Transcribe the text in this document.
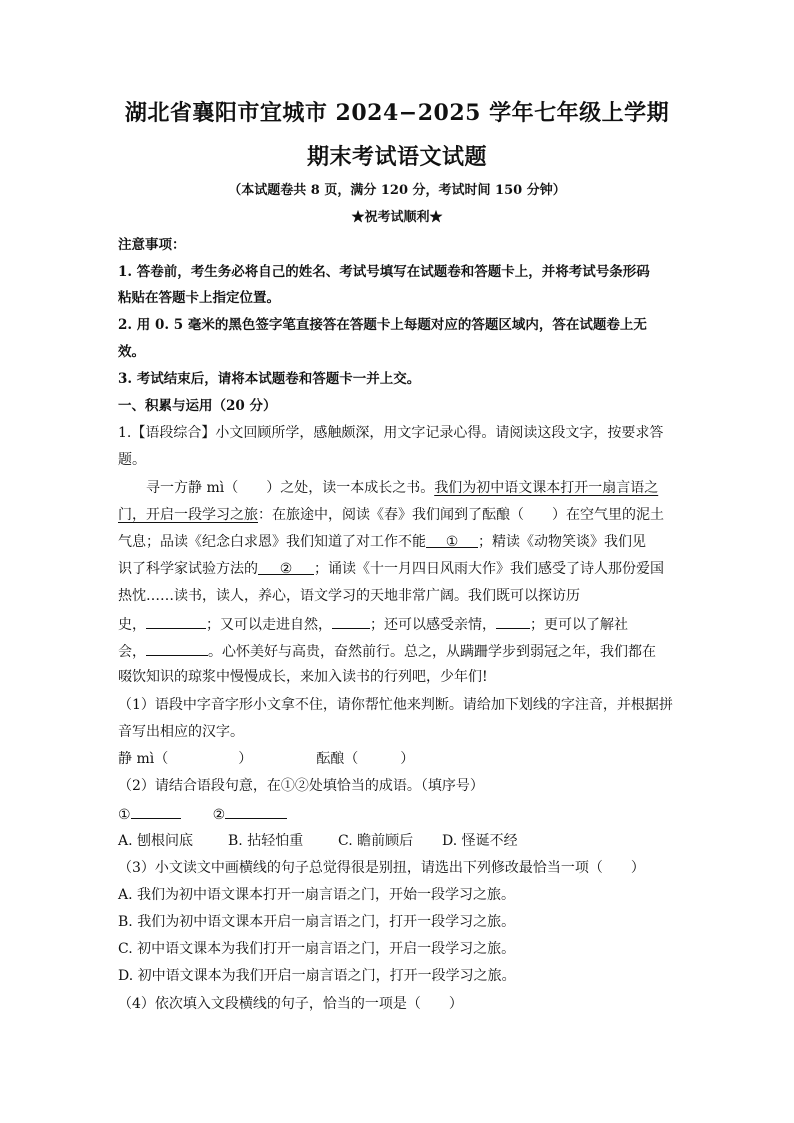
湖北省襄阳市宜城市 2024−2025 学年七年级上学期
期末考试语文试题
（本试题卷共 8 页，满分 120 分，考试时间 150 分钟）
★祝考试顺利★
注意事项：
1. 答卷前，考生务必将自己的姓名、考试号填写在试题卷和答题卡上，并将考试号条形码
粘贴在答题卡上指定位置。
2. 用 0. 5 毫米的黑色签字笔直接答在答题卡上每题对应的答题区域内，答在试题卷上无
效。
3. 考试结束后，请将本试题卷和答题卡一并上交。
一、积累与运用（20 分）
1.【语段综合】小文回顾所学，感触颇深，用文字记录心得。请阅读这段文字，按要求答
题。
寻一方静 mì（　　）之处，读一本成长之书。我们为初中语文课本打开一扇言语之
门，开启一段学习之旅：在旅途中，阅读《春》我们闻到了酝酿（　　）在空气里的泥土
气息；品读《纪念白求恩》我们知道了对工作不能 ① ；精读《动物笑谈》我们见
识了科学家试验方法的 ② ；诵读《十一月四日风雨大作》我们感受了诗人那份爱国
热忱……读书，读人，养心，语文学习的天地非常广阔。我们既可以探访历
史，	；又可以走进自然，	；还可以感受亲情， ；更可以了解社
会，	。心怀美好与高贵，奋然前行。总之，从蹒跚学步到弱冠之年，我们都在
啜饮知识的琼浆中慢慢成长，来加入读书的行列吧，少年们!
（1）语段中字音字形小文拿不住，请你帮忙他来判断。请给加下划线的字注音，并根据拼
音写出相应的汉字。
静 mì（　　　　　）	酝酿（　　　）
（2）请结合语段句意，在①②处填恰当的成语。（填序号）
①	②
A. 刨根问底 B. 拈轻怕重 C. 瞻前顾后 D. 怪诞不经
（3）小文读文中画横线的句子总觉得很是别扭，请选出下列修改最恰当一项（　　）
A. 我们为初中语文课本打开一扇言语之门，开始一段学习之旅。
B. 我们为初中语文课本开启一扇言语之门，打开一段学习之旅。
C. 初中语文课本为我们打开一扇言语之门，开启一段学习之旅。
D. 初中语文课本为我们开启一扇言语之门，打开一段学习之旅。
（4）依次填入文段横线的句子，恰当的一项是（　　）
